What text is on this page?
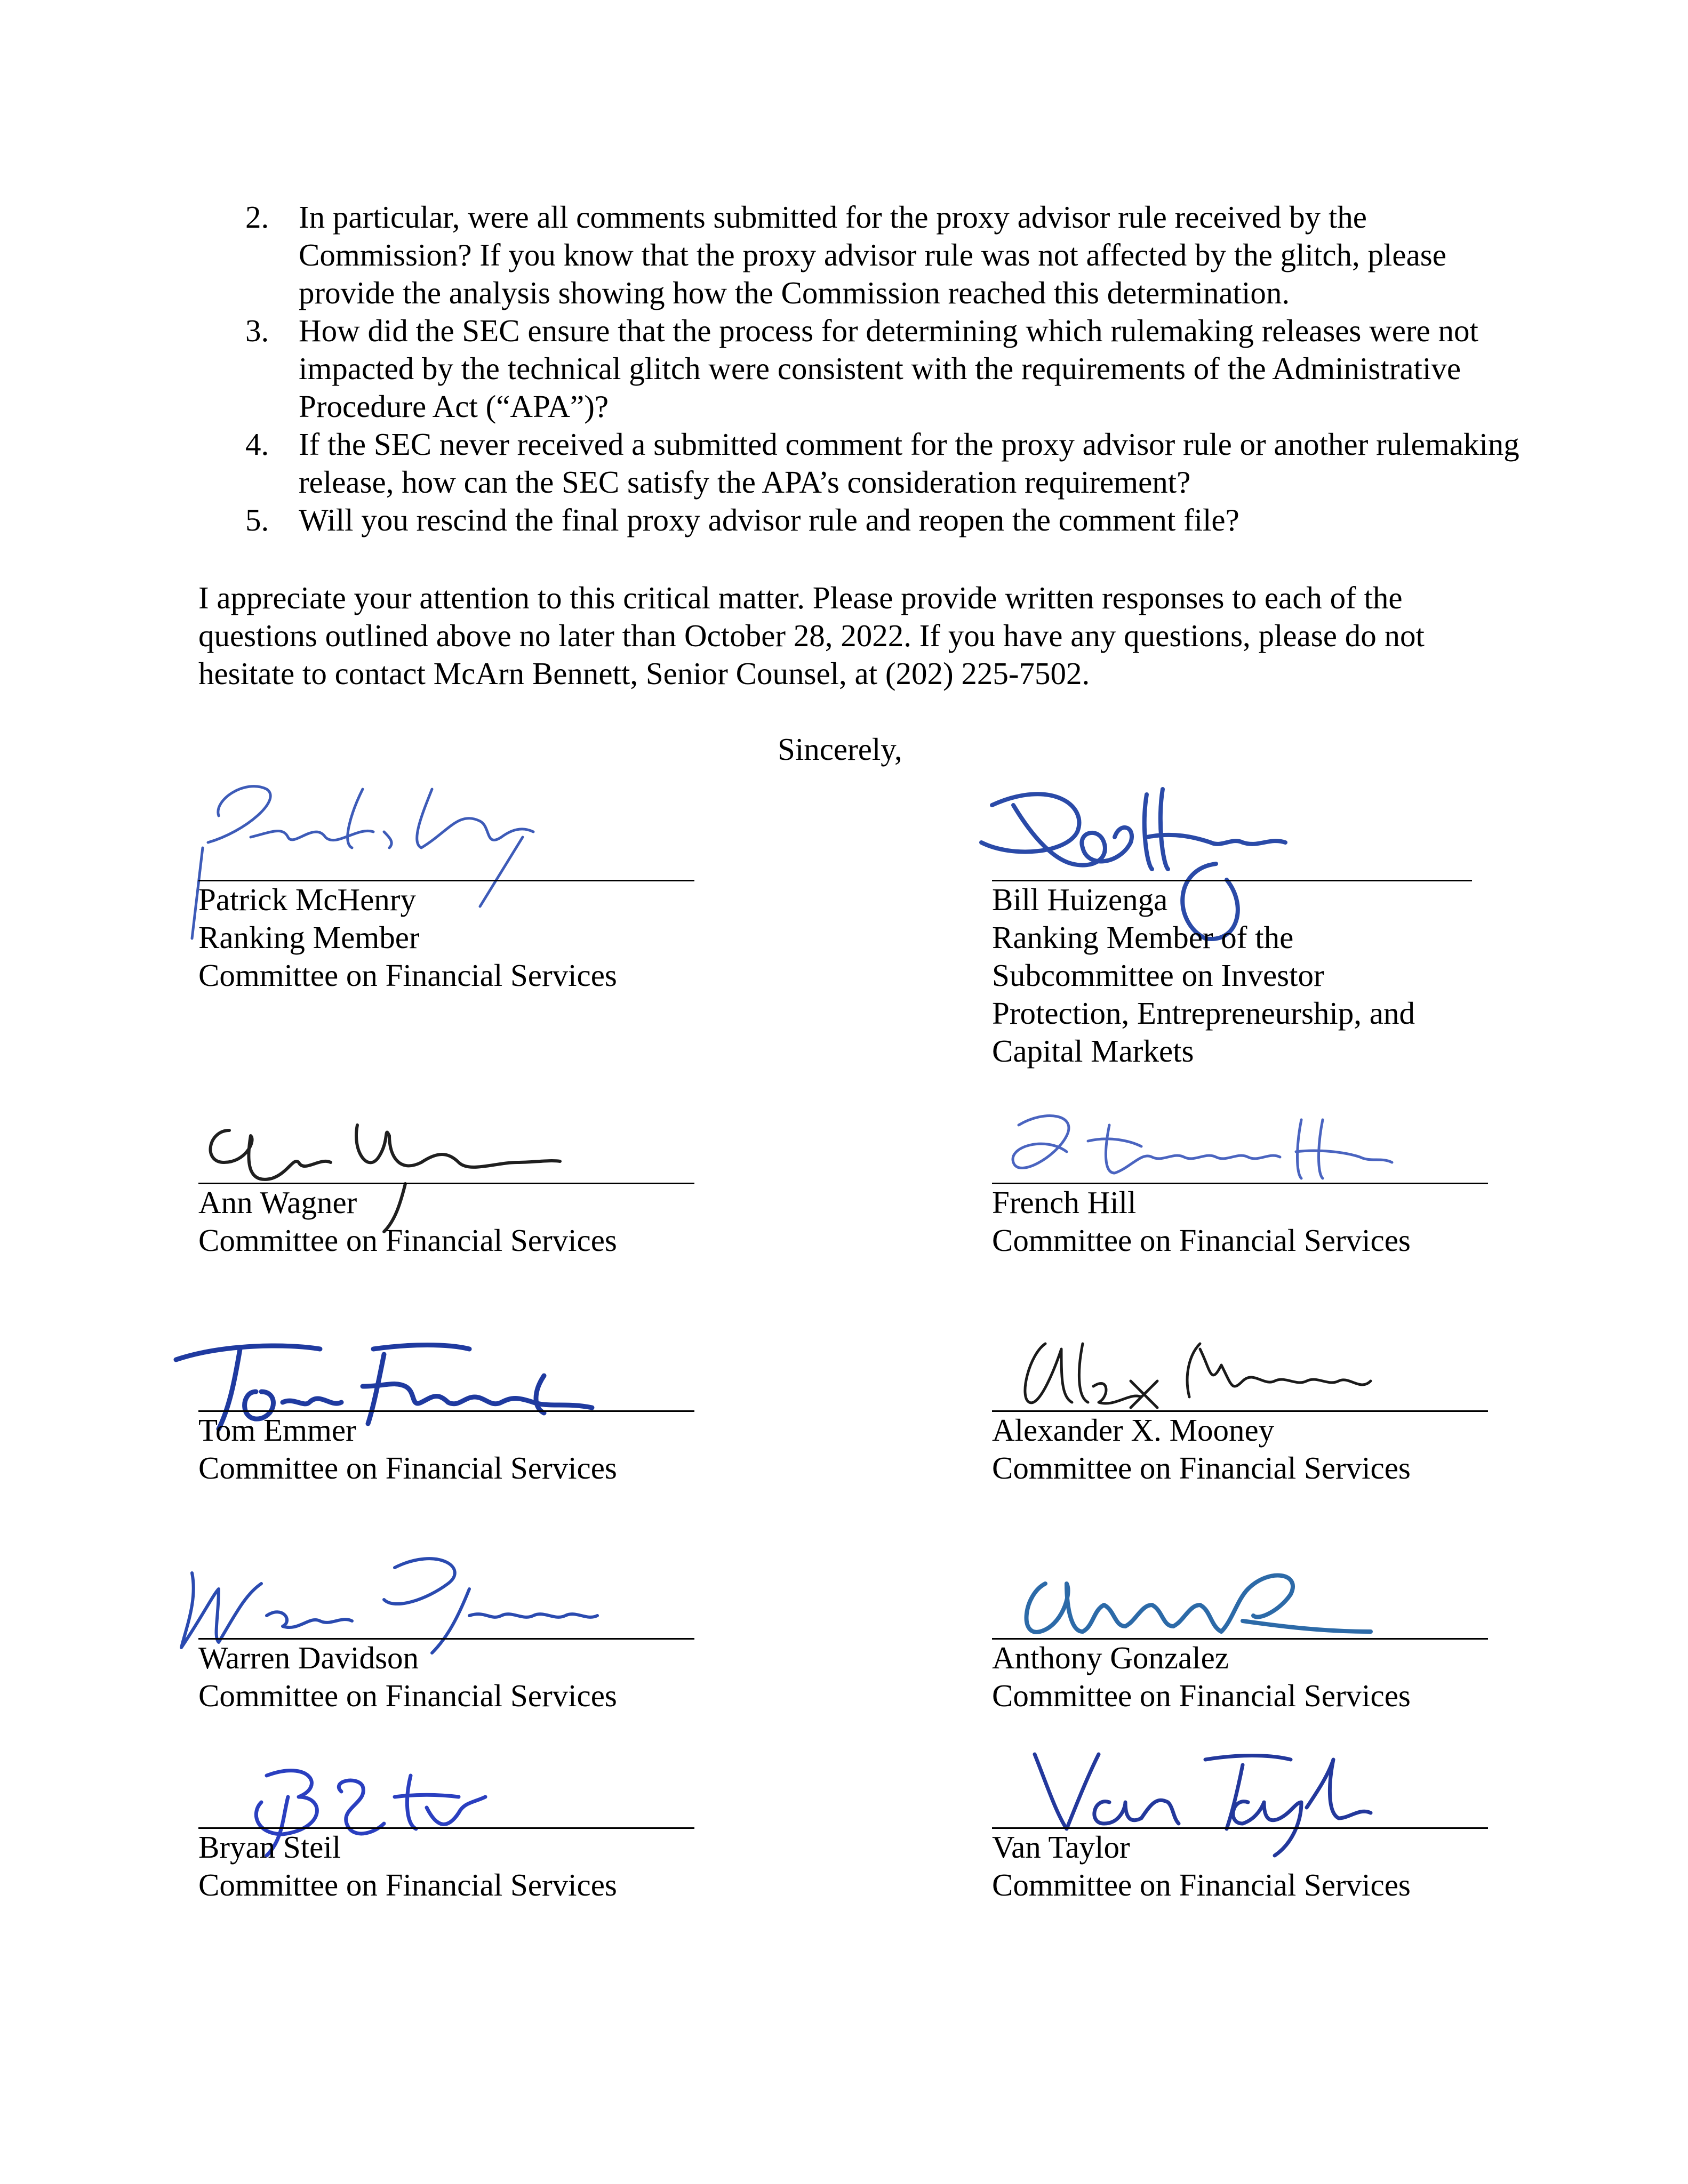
2. In particular, were all comments submitted for the proxy advisor rule received by the Commission? If you know that the proxy advisor rule was not affected by the glitch, please provide the analysis showing how the Commission reached this determination.
3. How did the SEC ensure that the process for determining which rulemaking releases were not impacted by the technical glitch were consistent with the requirements of the Administrative Procedure Act (“APA”)?
4. If the SEC never received a submitted comment for the proxy advisor rule or another rulemaking release, how can the SEC satisfy the APA’s consideration requirement?
5. Will you rescind the final proxy advisor rule and reopen the comment file?
I appreciate your attention to this critical matter. Please provide written responses to each of the questions outlined above no later than October 28, 2022. If you have any questions, please do not hesitate to contact McArn Bennett, Senior Counsel, at (202) 225-7502.
Sincerely,
Patrick McHenry
Ranking Member
Committee on Financial Services
Bill Huizenga
Ranking Member of the
Subcommittee on Investor
Protection, Entrepreneurship, and
Capital Markets
Ann Wagner
Committee on Financial Services
French Hill
Committee on Financial Services
Tom Emmer
Committee on Financial Services
Alexander X. Mooney
Committee on Financial Services
Warren Davidson
Committee on Financial Services
Anthony Gonzalez
Committee on Financial Services
Bryan Steil
Committee on Financial Services
Van Taylor
Committee on Financial Services
